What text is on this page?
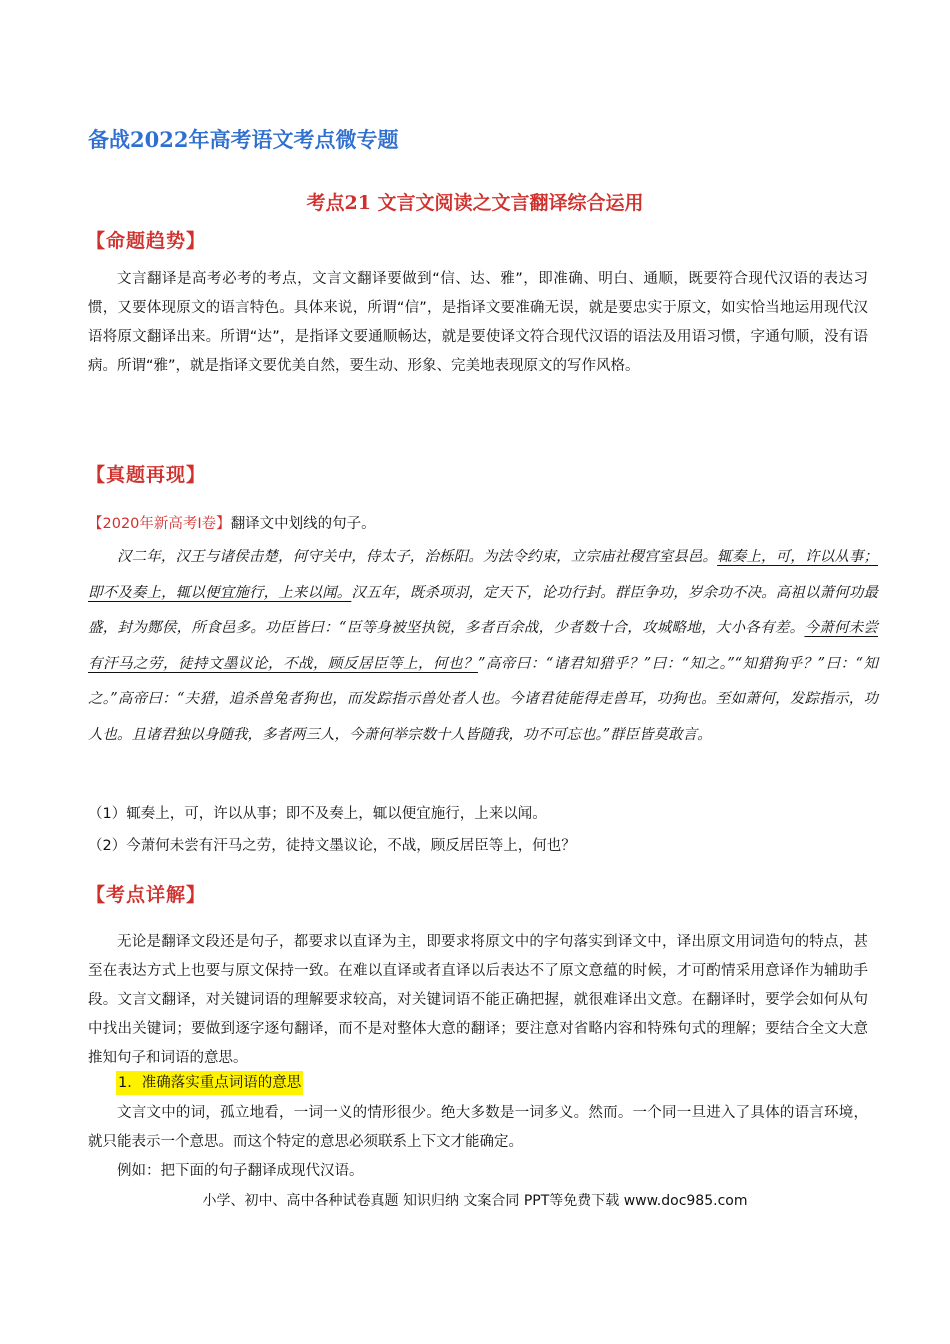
备战2022年高考语文考点微专题
考点21 文言文阅读之文言翻译综合运用
【命题趋势】
文言翻译是高考必考的考点，文言文翻译要做到“信、达、雅”，即准确、明白、通顺，既要符合现代汉语的表达习惯，又要体现原文的语言特色。具体来说，所谓“信”，是指译文要准确无误，就是要忠实于原文，如实恰当地运用现代汉语将原文翻译出来。所谓“达”，是指译文要通顺畅达，就是要使译文符合现代汉语的语法及用语习惯，字通句顺，没有语病。所谓“雅”，就是指译文要优美自然，要生动、形象、完美地表现原文的写作风格。
【真题再现】
【2020年新高考Ⅰ卷】翻译文中划线的句子。
汉二年，汉王与诸侯击楚，何守关中，侍太子，治栎阳。为法令约束，立宗庙社稷宫室县邑。辄奏上，可，许以从事；即不及奏上，辄以便宜施行，上来以闻。汉五年，既杀项羽，定天下，论功行封。群臣争功，岁余功不决。高祖以萧何功最盛，封为酂侯，所食邑多。功臣皆曰：“臣等身被坚执锐，多者百余战，少者数十合，攻城略地，大小各有差。今萧何未尝有汗马之劳，徒持文墨议论，不战，顾反居臣等上，何也？”高帝曰：“诸君知猎乎？”曰：“知之。”“知猎狗乎？”曰：“知之。”高帝曰：“夫猎，追杀兽兔者狗也，而发踪指示兽处者人也。今诸君徒能得走兽耳，功狗也。至如萧何，发踪指示，功人也。且诸君独以身随我，多者两三人，今萧何举宗数十人皆随我，功不可忘也。”群臣皆莫敢言。
（1）辄奏上，可，许以从事；即不及奏上，辄以便宜施行，上来以闻。
（2）今萧何未尝有汗马之劳，徒持文墨议论，不战，顾反居臣等上，何也？
【考点详解】
无论是翻译文段还是句子，都要求以直译为主，即要求将原文中的字句落实到译文中，译出原文用词造句的特点，甚至在表达方式上也要与原文保持一致。在难以直译或者直译以后表达不了原文意蕴的时候，才可酌情采用意译作为辅助手段。文言文翻译，对关键词语的理解要求较高，对关键词语不能正确把握，就很难译出文意。在翻译时，要学会如何从句中找出关键词；要做到逐字逐句翻译，而不是对整体大意的翻译；要注意对省略内容和特殊句式的理解；要结合全文大意推知句子和词语的意思。
1．准确落实重点词语的意思
文言文中的词，孤立地看，一词一义的情形很少。绝大多数是一词多义。然而。一个同一旦进入了具体的语言环境，就只能表示一个意思。而这个特定的意思必须联系上下文才能确定。
例如：把下面的句子翻译成现代汉语。
小学、初中、高中各种试卷真题 知识归纳 文案合同 PPT等免费下载 www.doc985.com
